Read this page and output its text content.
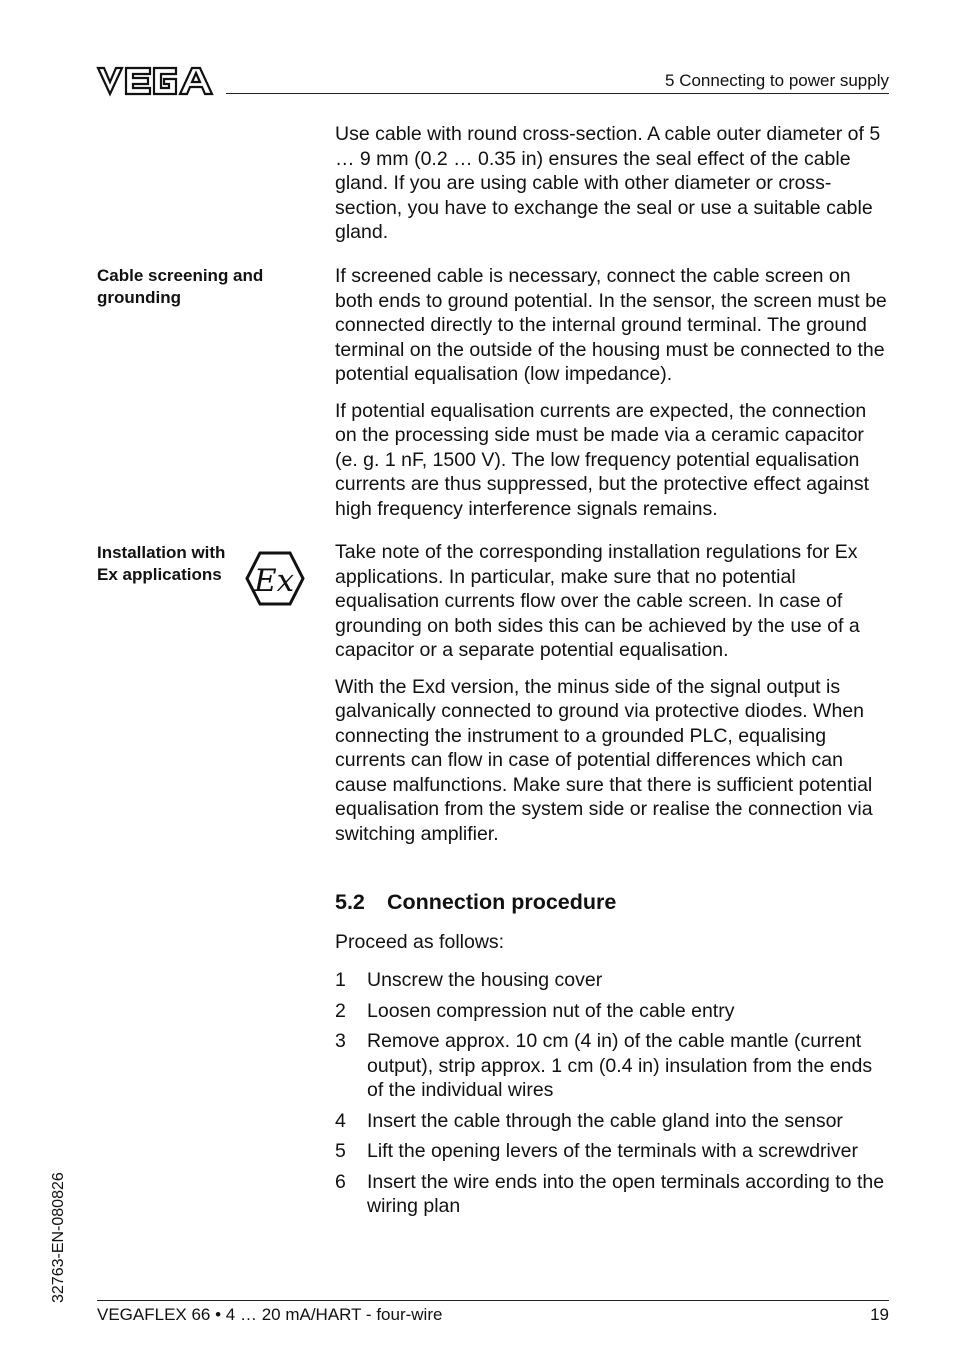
5 Connecting to power supply

Use cable with round cross-section. A cable outer diameter of 5 … 9 mm (0.2 … 0.35 in) ensures the seal effect of the cable gland. If you are using cable with other diameter or cross-section, you have to exchange the seal or use a suitable cable gland.

Cable screening and grounding

If screened cable is necessary, connect the cable screen on both ends to ground potential. In the sensor, the screen must be connected directly to the internal ground terminal. The ground terminal on the outside of the housing must be connected to the potential equalisation (low impedance).

If potential equalisation currents are expected, the connection on the processing side must be made via a ceramic capacitor (e. g. 1 nF, 1500 V). The low frequency potential equalisation currents are thus suppressed, but the protective effect against high frequency interference signals remains.

Installation with Ex applications	Ex

Take note of the corresponding installation regulations for Ex applications. In particular, make sure that no potential equalisation currents flow over the cable screen. In case of grounding on both sides this can be achieved by the use of a capacitor or a separate potential equalisation.

With the Exd version, the minus side of the signal output is galvanically connected to ground via protective diodes. When connecting the instrument to a grounded PLC, equalising currents can flow in case of potential differences which can cause malfunctions. Make sure that there is sufficient potential equalisation from the system side or realise the connection via switching amplifier.

5.2 Connection procedure
Proceed as follows:
1	Unscrew the housing cover
2	Loosen compression nut of the cable entry
3	Remove approx. 10 cm (4 in) of the cable mantle (current output), strip approx. 1 cm (0.4 in) insulation from the ends of the individual wires
4	Insert the cable through the cable gland into the sensor
5	Lift the opening levers of the terminals with a screwdriver
6	Insert the wire ends into the open terminals according to the wiring plan
32763-EN-080826
VEGAFLEX 66 • 4 … 20 mA/HART - four-wire	19
